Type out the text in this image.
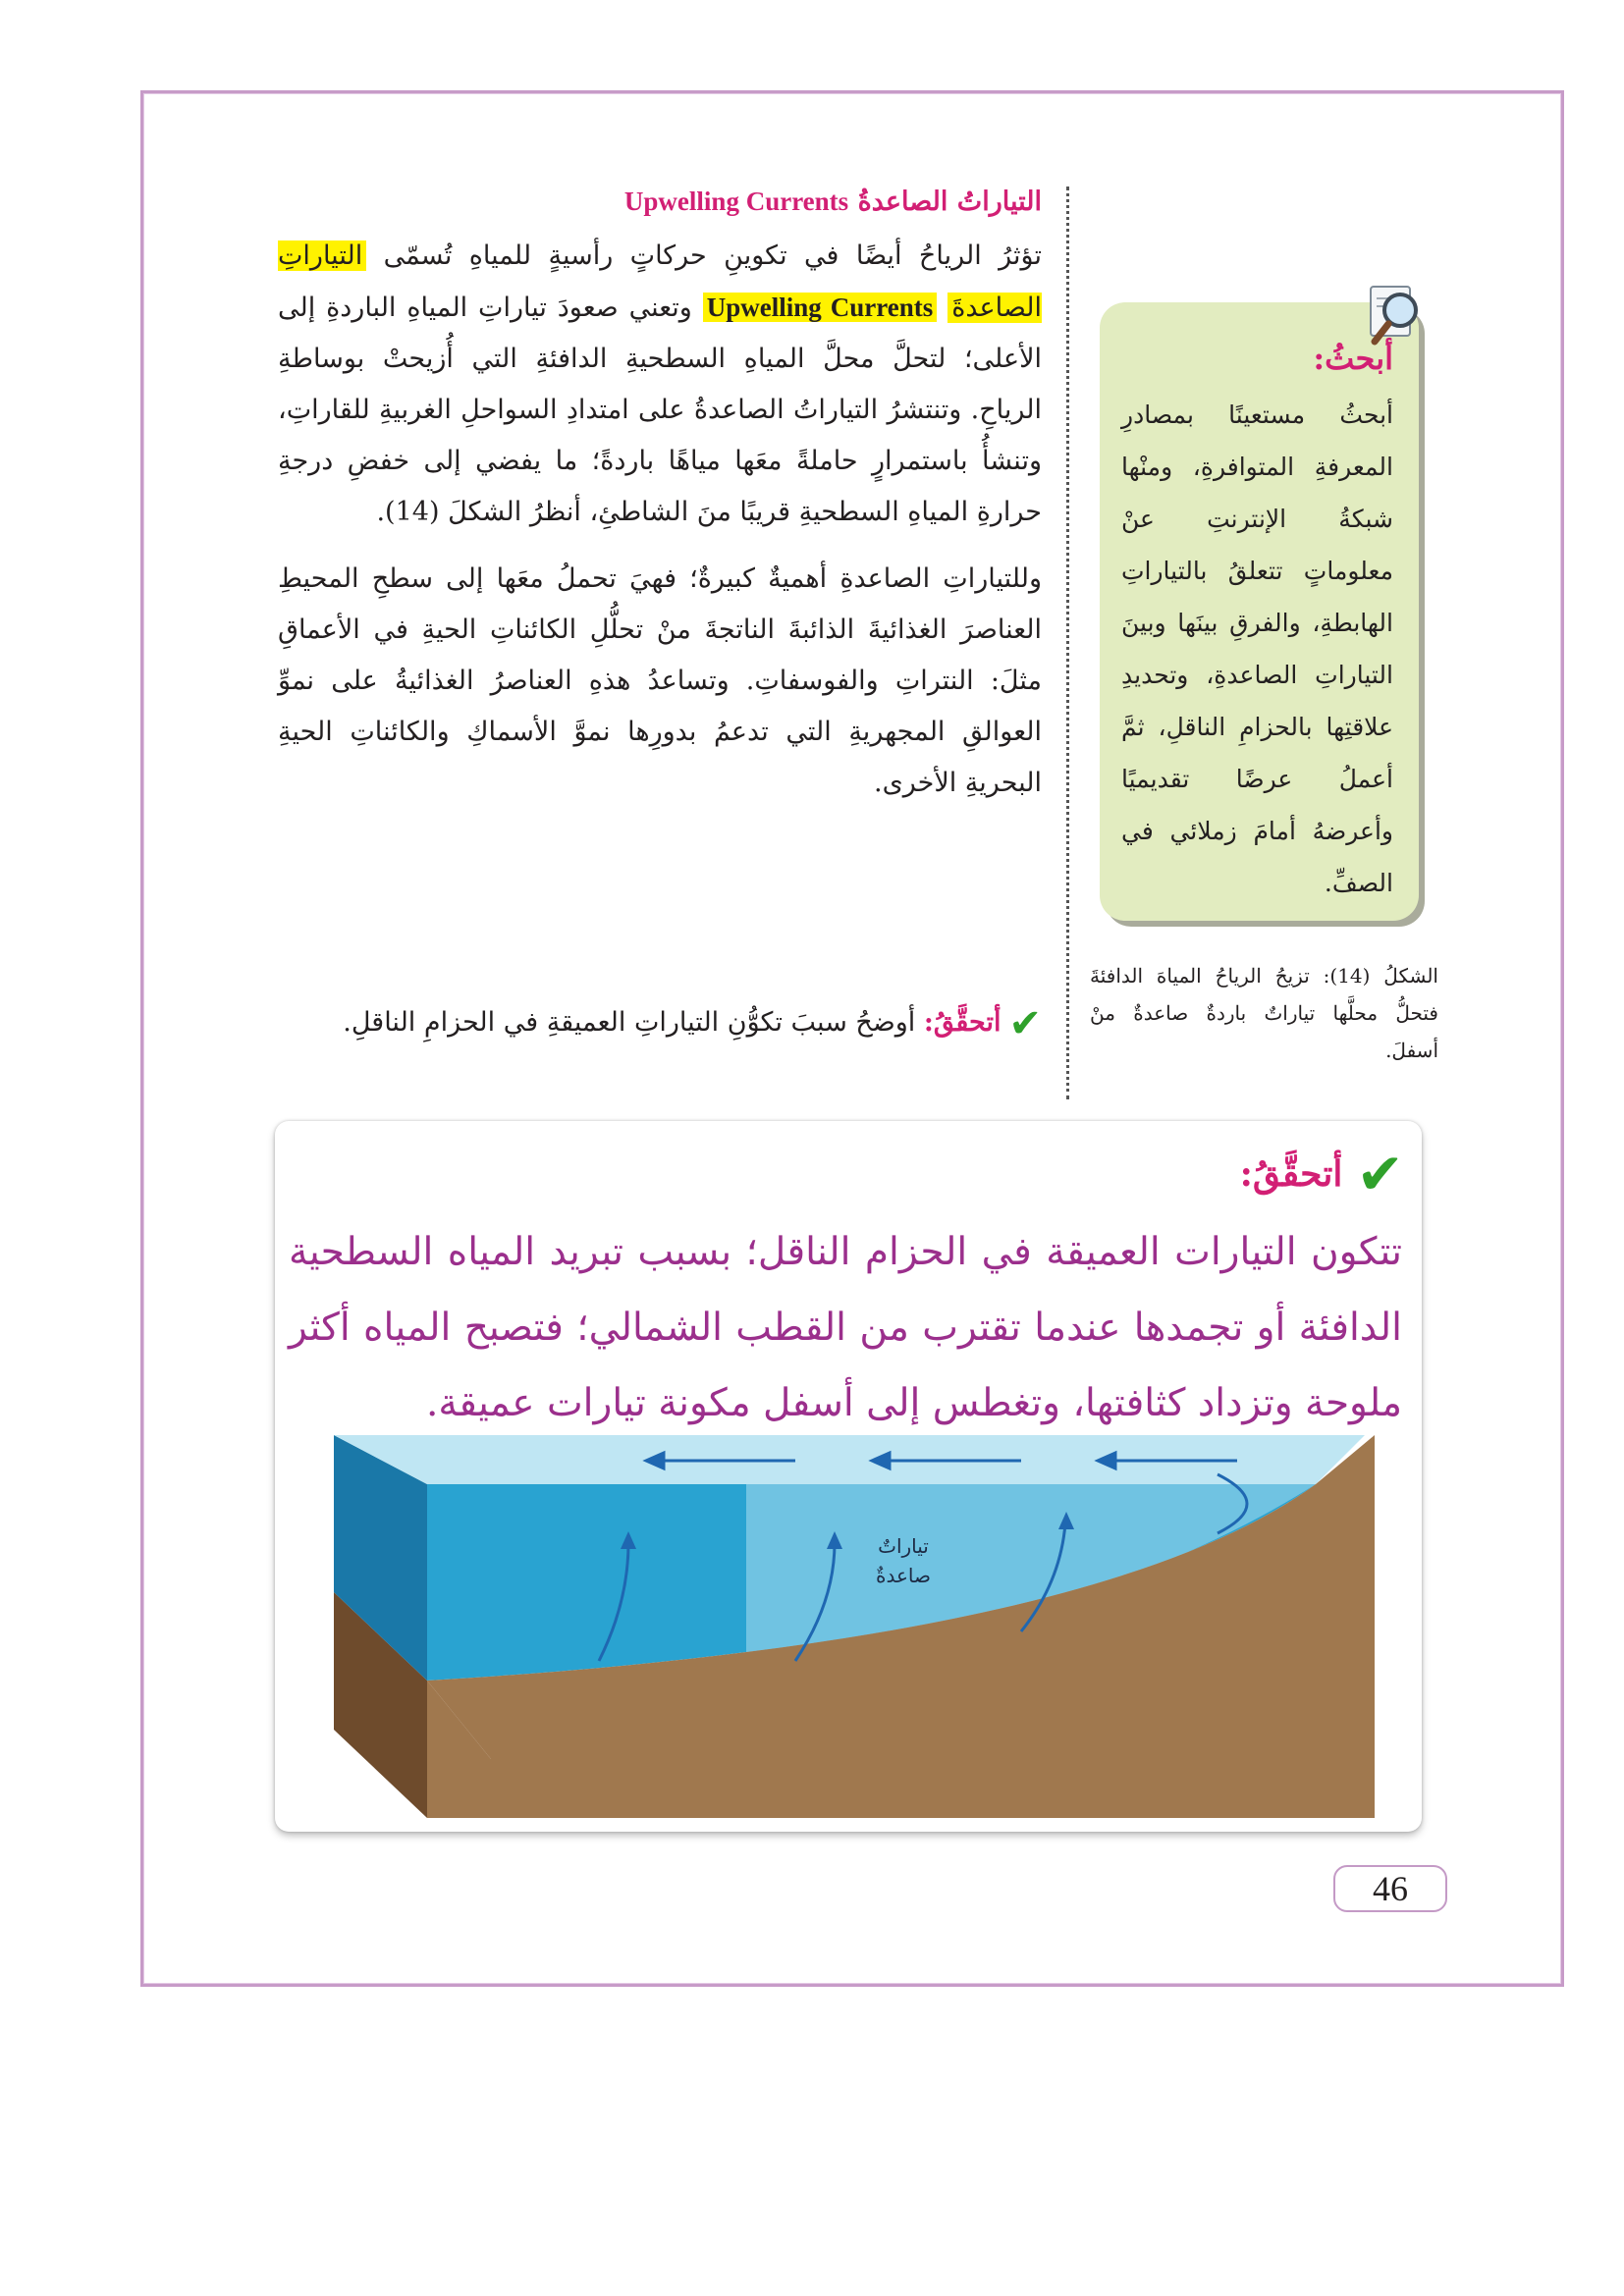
التياراتُ الصاعدةُ Upwelling Currents

تؤثرُ الرياحُ أيضًا في تكوينِ حركاتٍ رأسيةٍ للمياهِ تُسمّى التياراتِ الصاعدةَ Upwelling Currents وتعني صعودَ تياراتِ المياهِ الباردةِ إلى الأعلى؛ لتحلَّ محلَّ المياهِ السطحيةِ الدافئةِ التي أُزيحتْ بوساطةِ الرياحِ. وتنتشرُ التياراتُ الصاعدةُ على امتدادِ السواحلِ الغربيةِ للقاراتِ، وتنشأُ باستمرارٍ حاملةً معَها مياهًا باردةً؛ ما يفضي إلى خفضِ درجةِ حرارةِ المياهِ السطحيةِ قريبًا منَ الشاطئِ، أنظرُ الشكلَ (14).

وللتياراتِ الصاعدةِ أهميةٌ كبيرةٌ؛ فهيَ تحملُ معَها إلى سطحِ المحيطِ العناصرَ الغذائيةَ الذائبةَ الناتجةَ منْ تحلُّلِ الكائناتِ الحيةِ في الأعماقِ مثلَ: النتراتِ والفوسفاتِ. وتساعدُ هذهِ العناصرُ الغذائيةُ على نموِّ العوالقِ المجهريةِ التي تدعمُ بدورِها نموَّ الأسماكِ والكائناتِ الحيةِ البحريةِ الأخرى.

✔أتحقَّقُ: أوضحُ سببَ تكوُّنِ التياراتِ العميقةِ في الحزامِ الناقلِ.
أبحثُ:

أبحثُ مستعينًا بمصادرِ المعرفةِ المتوافرةِ، ومنْها شبكةُ الإنترنتِ عنْ معلوماتٍ تتعلقُ بالتياراتِ الهابطةِ، والفرقِ بينَها وبينَ التياراتِ الصاعدةِ، وتحديدِ علاقتِها بالحزامِ الناقلِ، ثمَّ أعملُ عرضًا تقديميًا وأعرضهُ أمامَ زملائي في الصفِّ.

الشكلُ (14): تزيحُ الرياحُ المياهَ الدافئةَ فتحلُّ محلَّها تياراتٌ باردةٌ صاعدةٌ منْ أسفلَ.
✔
أتحقَّقُ:

تتكون التيارات العميقة في الحزام الناقل؛ بسبب تبريد المياه السطحية الدافئة أو تجمدها عندما تقترب من القطب الشمالي؛ فتصبح المياه أكثر ملوحة وتزداد كثافتها، وتغطس إلى أسفل مكونة تيارات عميقة.

تياراتٌ
صاعدةٌ
46
